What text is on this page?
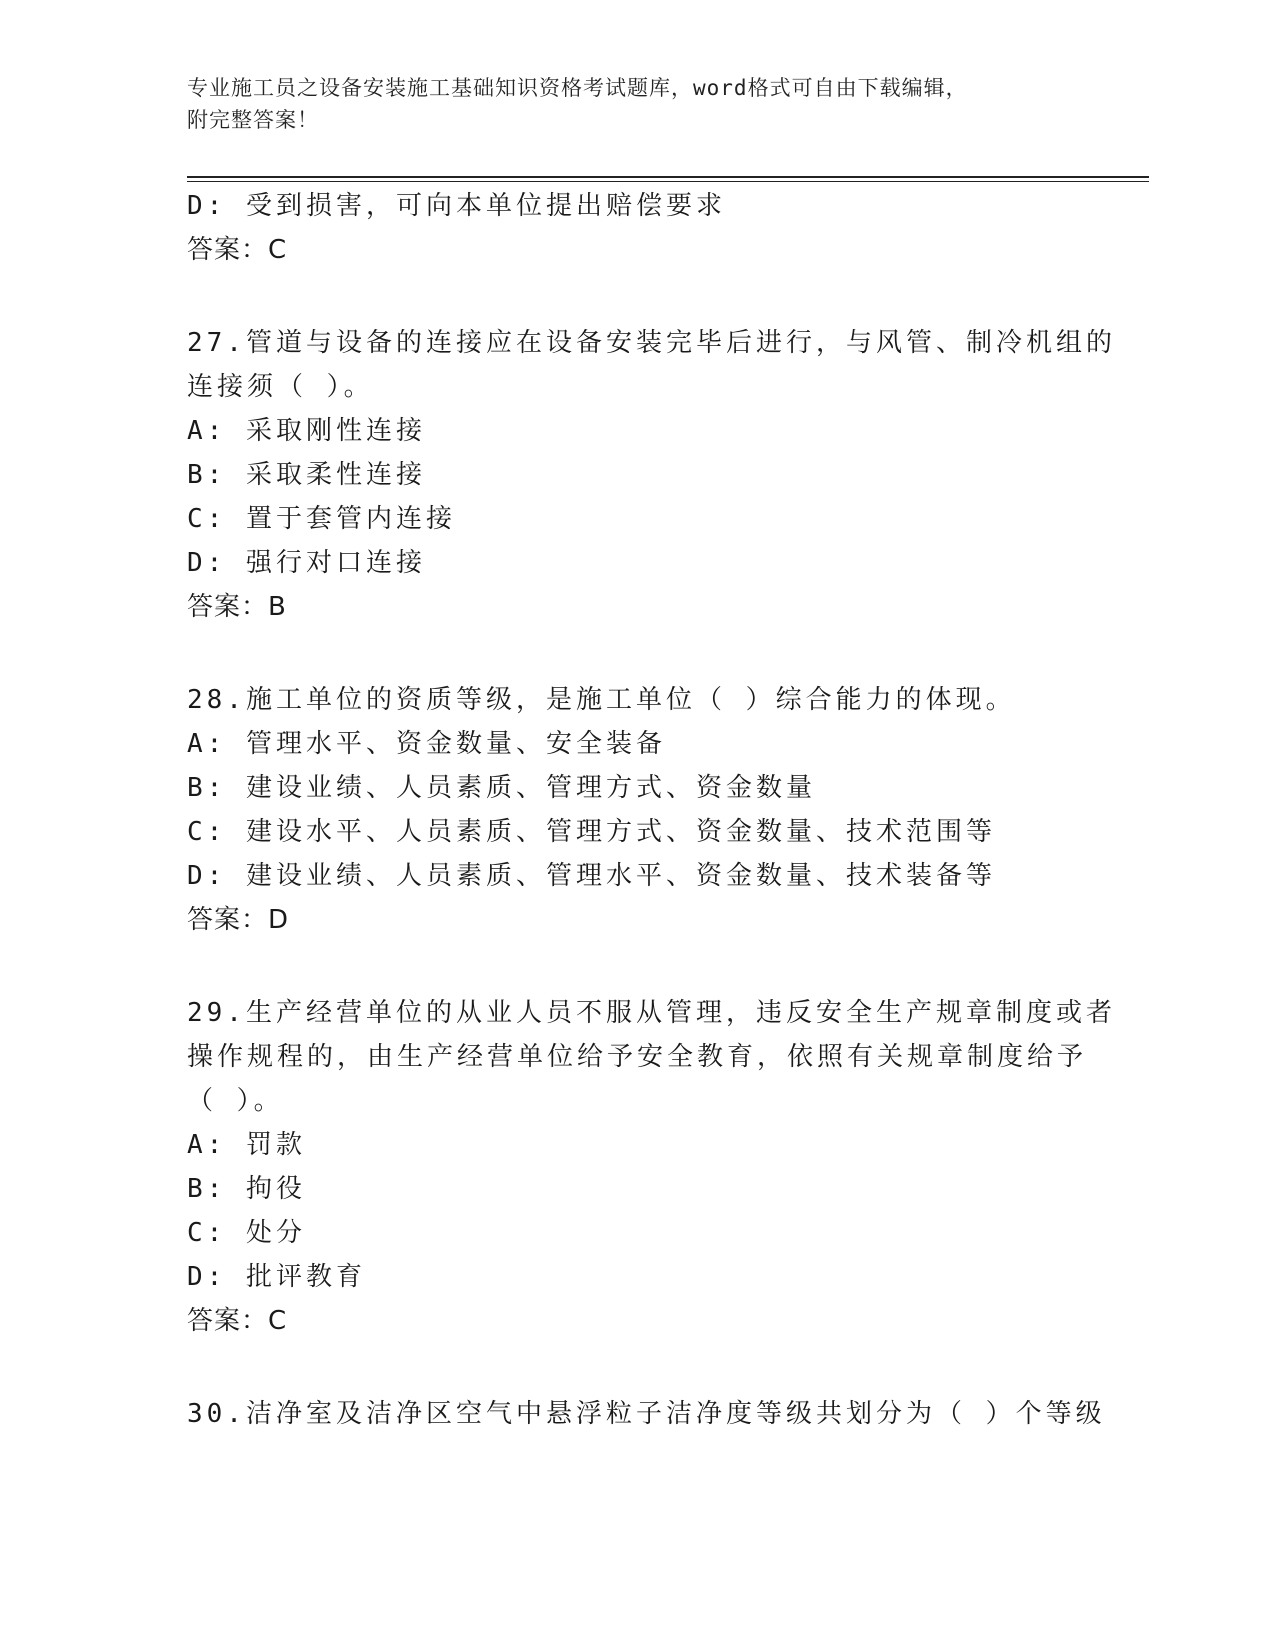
专业施工员之设备安装施工基础知识资格考试题库，word格式可自由下载编辑，
附完整答案！
D: 受到损害，可向本单位提出赔偿要求
答案：C
27.管道与设备的连接应在设备安装完毕后进行，与风管、制冷机组的
连接须（ ）。
A: 采取刚性连接
B: 采取柔性连接
C: 置于套管内连接
D: 强行对口连接
答案：B
28.施工单位的资质等级，是施工单位（ ）综合能力的体现。
A: 管理水平、资金数量、安全装备
B: 建设业绩、人员素质、管理方式、资金数量
C: 建设水平、人员素质、管理方式、资金数量、技术范围等
D: 建设业绩、人员素质、管理水平、资金数量、技术装备等
答案：D
29.生产经营单位的从业人员不服从管理，违反安全生产规章制度或者
操作规程的，由生产经营单位给予安全教育，依照有关规章制度给予
（ ）。
A: 罚款
B: 拘役
C: 处分
D: 批评教育
答案：C
30.洁净室及洁净区空气中悬浮粒子洁净度等级共划分为（ ）个等级
